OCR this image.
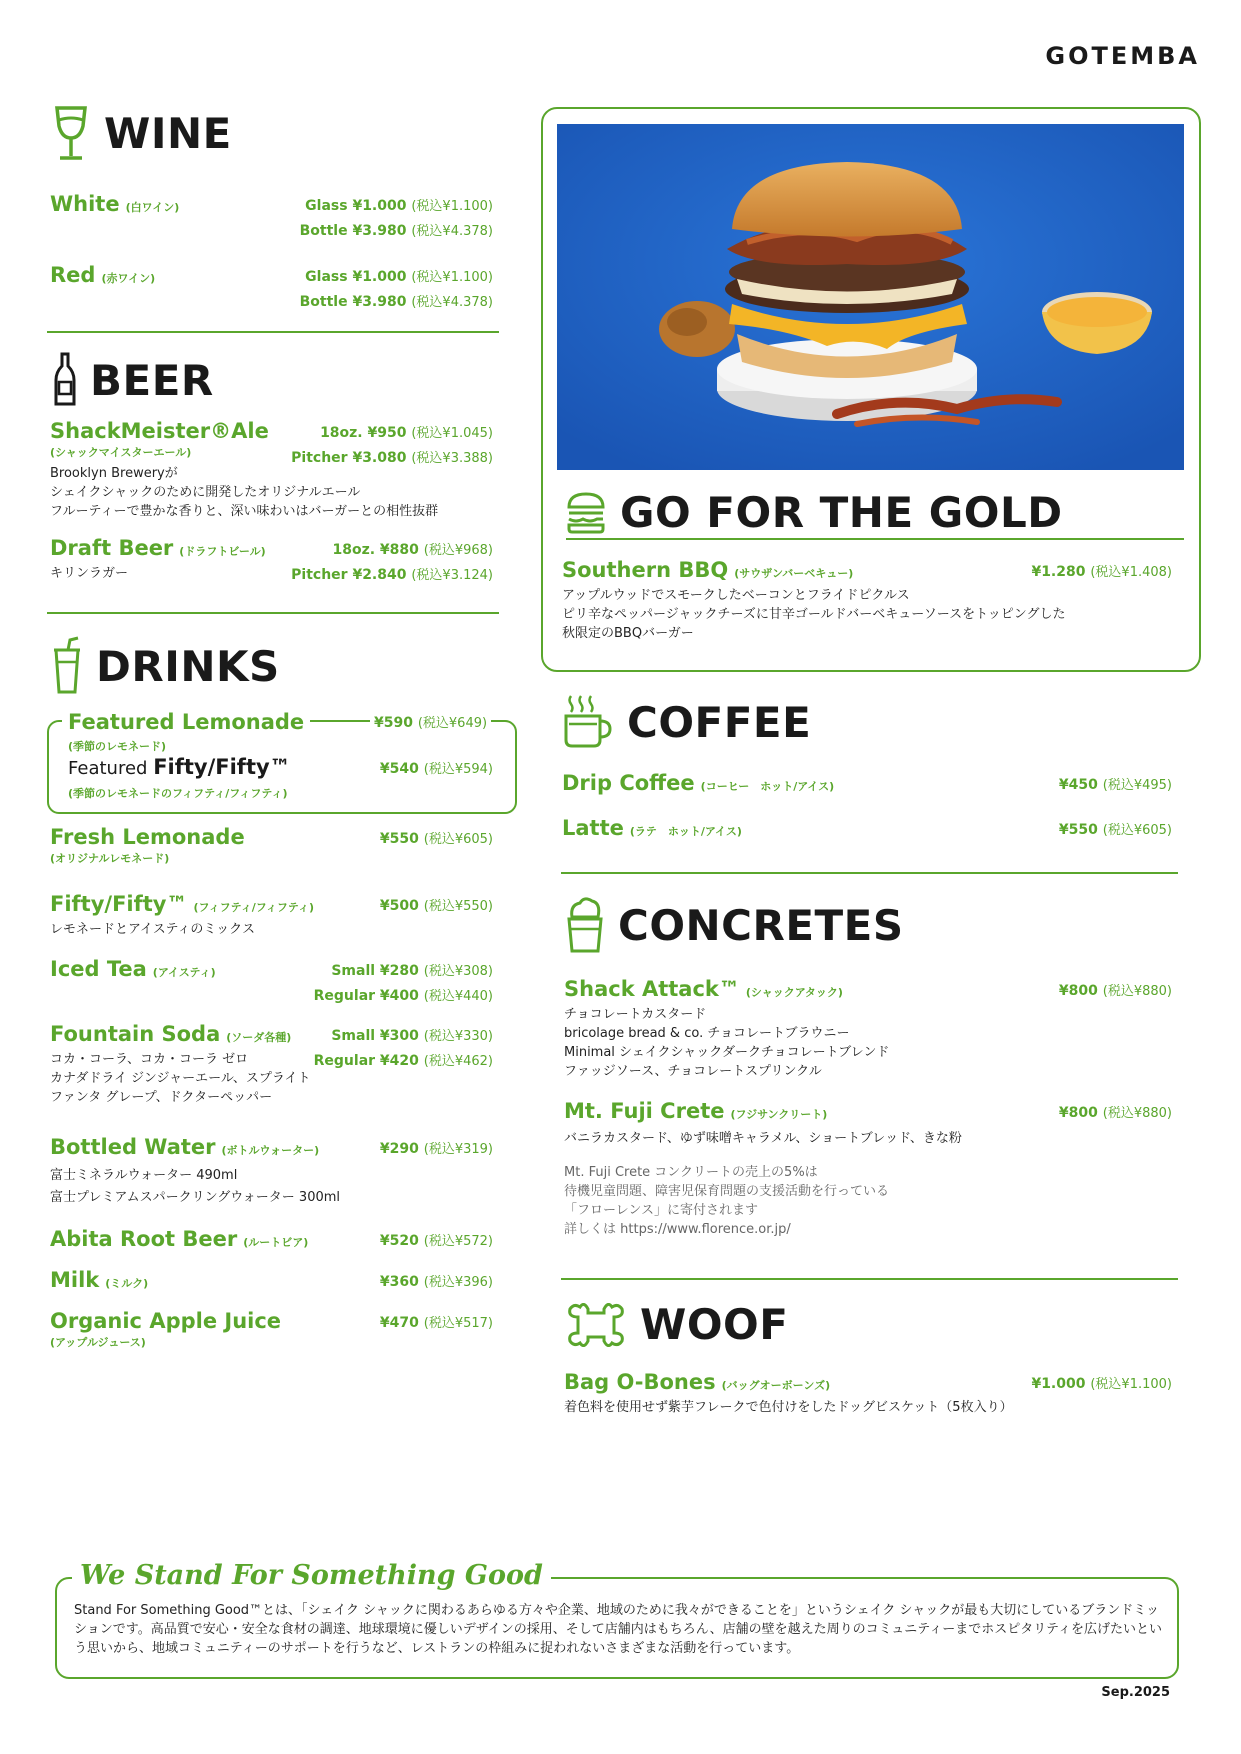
GOTEMBA
WINE
White (白ワイン)	Glass ¥1.000 (税込¥1.100)
Bottle ¥3.980 (税込¥4.378)
Red (赤ワイン)	Glass ¥1.000 (税込¥1.100)
Bottle ¥3.980 (税込¥4.378)
BEER
ShackMeister®Ale
(シャックマイスターエール)
Brooklyn Breweryが
シェイクシャックのために開発したオリジナルエール
フルーティーで豊かな香りと、深い味わいはバーガーとの相性抜群
18oz. ¥950 (税込¥1.045)
Pitcher ¥3.080 (税込¥3.388)
Draft Beer (ドラフトビール)
キリンラガー
18oz. ¥880 (税込¥968)
Pitcher ¥2.840 (税込¥3.124)
DRINKS
Featured Lemonade
(季節のレモネード)
¥590 (税込¥649)
Featured Fifty/Fifty™
(季節のレモネードのフィフティ/フィフティ)
¥540 (税込¥594)
Fresh Lemonade
(オリジナルレモネード)
¥550 (税込¥605)
Fifty/Fifty™ (フィフティ/フィフティ)
レモネードとアイスティのミックス
¥500 (税込¥550)
Iced Tea (アイスティ)	Small ¥280 (税込¥308)
Regular ¥400 (税込¥440)
Fountain Soda (ソーダ各種)
コカ・コーラ、コカ・コーラ ゼロ
カナダドライ ジンジャーエール、スプライト
ファンタ グレープ、ドクターペッパー
Small ¥300 (税込¥330)
Regular ¥420 (税込¥462)
Bottled Water (ボトルウォーター)
富士ミネラルウォーター 490ml
富士プレミアムスパークリングウォーター 300ml
¥290 (税込¥319)
Abita Root Beer (ルートビア)	¥520 (税込¥572)
Milk (ミルク)	¥360 (税込¥396)
Organic Apple Juice
(アップルジュース)
¥470 (税込¥517)
GO FOR THE GOLD
Southern BBQ (サウザンバーベキュー)
アップルウッドでスモークしたベーコンとフライドピクルス
ピリ辛なペッパージャックチーズに甘辛ゴールドバーベキューソースをトッピングした
秋限定のBBQバーガー
¥1.280 (税込¥1.408)
COFFEE
Drip Coffee (コーヒー　ホット/アイス)	¥450 (税込¥495)
Latte (ラテ　ホット/アイス)	¥550 (税込¥605)
CONCRETES
Shack Attack™ (シャックアタック)
チョコレートカスタード
bricolage bread & co. チョコレートブラウニー
Minimal シェイクシャックダークチョコレートブレンド
ファッジソース、チョコレートスプリンクル
¥800 (税込¥880)
Mt. Fuji Crete (フジサンクリート)
バニラカスタード、ゆず味噌キャラメル、ショートブレッド、きな粉
¥800 (税込¥880)
Mt. Fuji Crete コンクリートの売上の5%は
待機児童問題、障害児保育問題の支援活動を行っている
「フローレンス」に寄付されます
詳しくは https://www.florence.or.jp/
WOOF
Bag O-Bones (バッグオーボーンズ)
着色料を使用せず紫芋フレークで色付けをしたドッグビスケット（5枚入り）
¥1.000 (税込¥1.100)
We Stand For Something Good
Stand For Something Good™とは、「シェイク シャックに関わるあらゆる方々や企業、地域のために我々ができることを」というシェイク シャックが最も大切にしているブランドミッションです。高品質で安心・安全な食材の調達、地球環境に優しいデザインの採用、そして店舗内はもちろん、店舗の壁を越えた周りのコミュニティーまでホスピタリティを広げたいという思いから、地域コミュニティーのサポートを行うなど、レストランの枠組みに捉われないさまざまな活動を行っています。
Sep.2025
